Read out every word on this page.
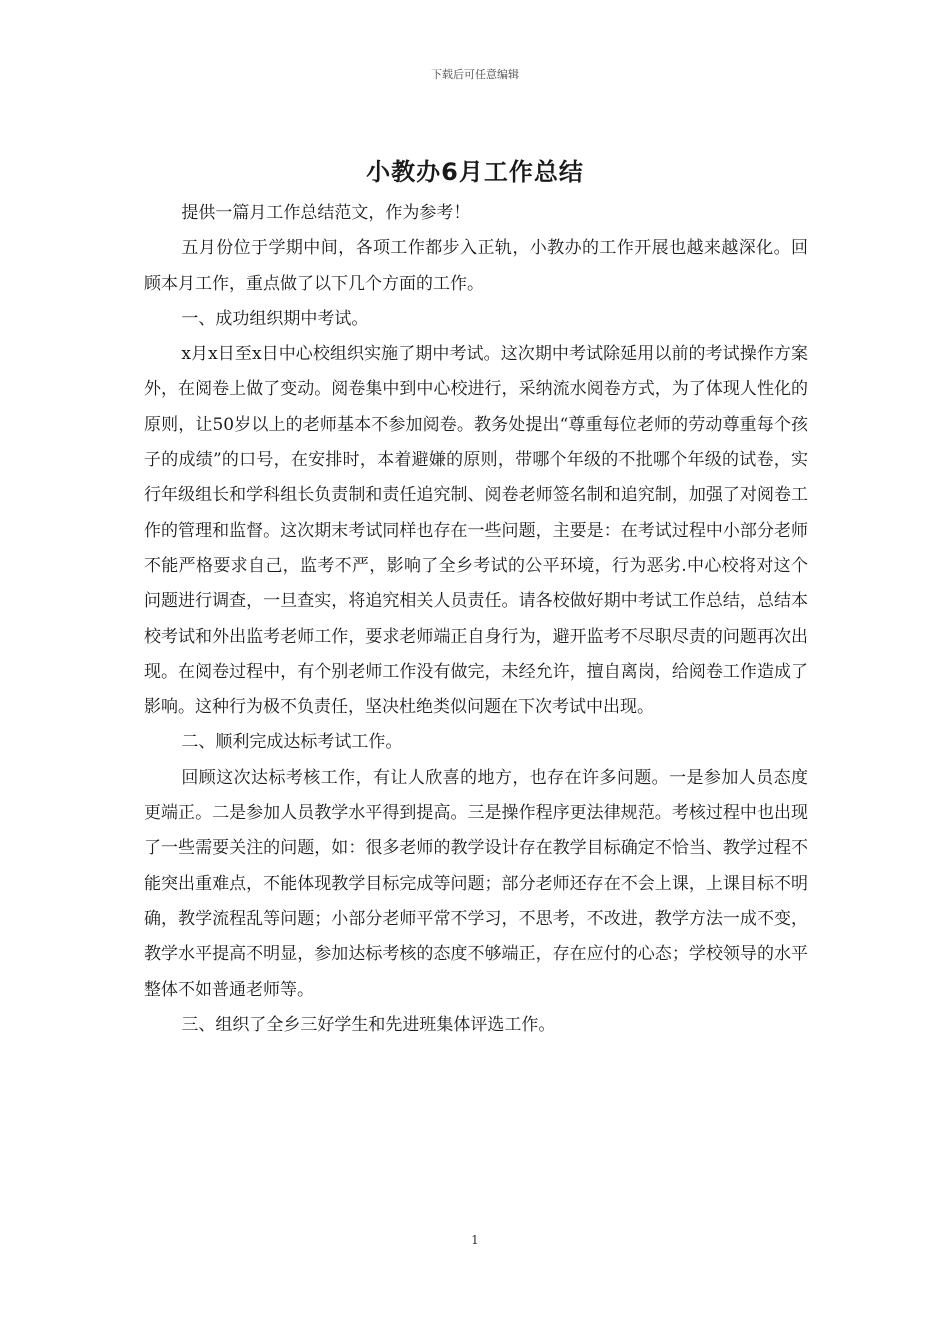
下载后可任意编辑
小教办6月工作总结

提供一篇月工作总结范文，作为参考！

五月份位于学期中间，各项工作都步入正轨，小教办的工作开展也越来越深化。回顾本月工作，重点做了以下几个方面的工作。

一、成功组织期中考试。

x月x日至x日中心校组织实施了期中考试。这次期中考试除延用以前的考试操作方案外，在阅卷上做了变动。阅卷集中到中心校进行，采纳流水阅卷方式，为了体现人性化的原则，让50岁以上的老师基本不参加阅卷。教务处提出“尊重每位老师的劳动尊重每个孩子的成绩”的口号，在安排时，本着避嫌的原则，带哪个年级的不批哪个年级的试卷，实行年级组长和学科组长负责制和责任追究制、阅卷老师签名制和追究制，加强了对阅卷工作的管理和监督。这次期末考试同样也存在一些问题，主要是：在考试过程中小部分老师不能严格要求自己，监考不严，影响了全乡考试的公平环境，行为恶劣.中心校将对这个问题进行调查，一旦查实，将追究相关人员责任。请各校做好期中考试工作总结，总结本校考试和外出监考老师工作，要求老师端正自身行为，避开监考不尽职尽责的问题再次出现。在阅卷过程中，有个别老师工作没有做完，未经允许，擅自离岗，给阅卷工作造成了影响。这种行为极不负责任，坚决杜绝类似问题在下次考试中出现。

二、顺利完成达标考试工作。

回顾这次达标考核工作，有让人欣喜的地方，也存在许多问题。一是参加人员态度更端正。二是参加人员教学水平得到提高。三是操作程序更法律规范。考核过程中也出现了一些需要关注的问题，如：很多老师的教学设计存在教学目标确定不恰当、教学过程不能突出重难点，不能体现教学目标完成等问题；部分老师还存在不会上课，上课目标不明确，教学流程乱等问题；小部分老师平常不学习，不思考，不改进，教学方法一成不变，教学水平提高不明显，参加达标考核的态度不够端正，存在应付的心态；学校领导的水平整体不如普通老师等。

三、组织了全乡三好学生和先进班集体评选工作。

1
